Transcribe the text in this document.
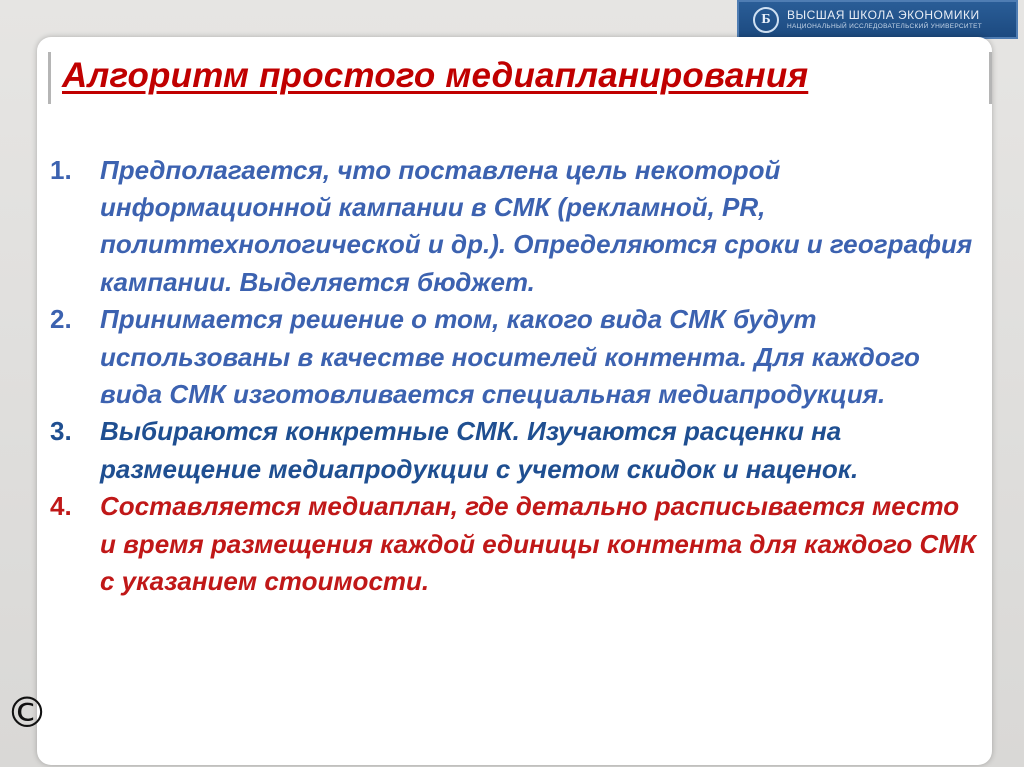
Б	ВЫСШАЯ ШКОЛА ЭКОНОМИКИ
НАЦИОНАЛЬНЫЙ ИССЛЕДОВАТЕЛЬСКИЙ УНИВЕРСИТЕТ
Алгоритм простого медиапланирования
1. Предполагается, что поставлена цель некоторой информационной кампании в СМК (рекламной, PR, политтехнологической и др.). Определяются сроки и география кампании. Выделяется бюджет.
2. Принимается решение о том, какого вида СМК будут использованы в качестве носителей контента. Для каждого вида СМК изготовливается специальная медиапродукция.
3. Выбираются конкретные СМК. Изучаются расценки на размещение медиапродукции с учетом скидок и наценок.
4. Составляется медиаплан, где детально расписывается место и время размещения каждой единицы контента для каждого СМК с указанием стоимости.
©
